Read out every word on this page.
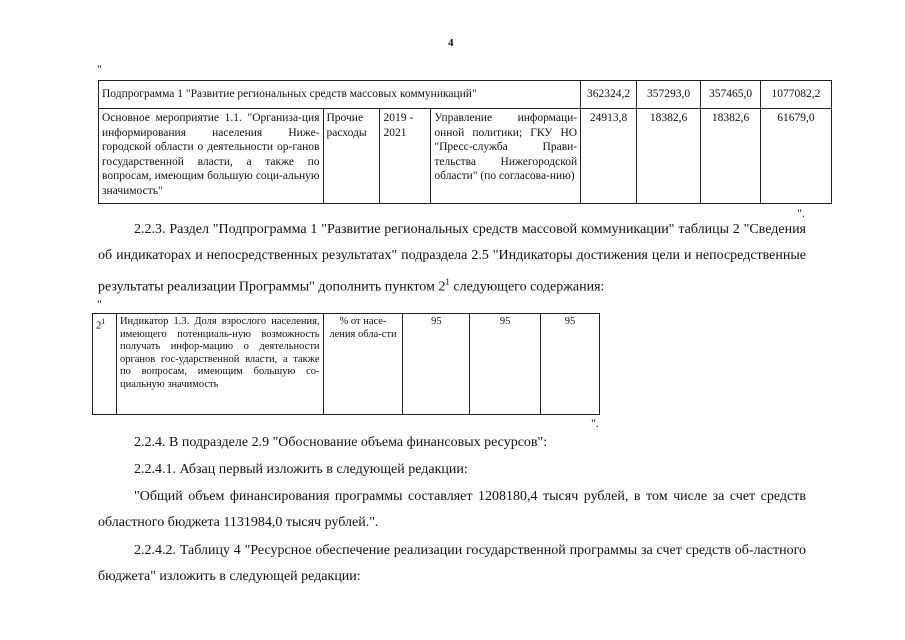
4
"
Подпрограмма 1 "Развитие региональных средств массовых коммуникаций"				362324,2	357293,0	357465,0	1077082,2
Основное мероприятие 1.1. "Организа-ция информирования населения Ниже-городской области о деятельности ор-ганов государственной власти, а также по вопросам, имеющим большую соци-альную значимость"	Прочие расходы	2019 - 2021	Управление информаци-онной политики; ГКУ НО "Пресс-служба Прави-тельства Нижегородской области" (по согласова-нию)	24913,8	18382,6	18382,6	61679,0
".

2.2.3. Раздел "Подпрограмма 1 "Развитие региональных средств массовой коммуникации" таблицы 2 "Сведения об индикаторах и непосредственных результатах" подраздела 2.5 "Индикаторы достижения цели и непосредственные результаты реализации Программы" дополнить пунктом $2^1$ следующего содержания:

"
$2^1$	Индикатор 1.3. Доля взрослого населения, имеющего потенциаль-ную возможность получать инфор-мацию о деятельности органов гос-ударственной власти, а также по вопросам, имеющим большую со-циальную значимость	% от насе-ления обла-сти	95	95	95
".

2.2.4. В подразделе 2.9 "Обоснование объема финансовых ресурсов":

2.2.4.1. Абзац первый изложить в следующей редакции:

"Общий объем финансирования программы составляет 1208180,4 тысяч рублей, в том числе за счет средств областного бюджета 1131984,0 тысяч рублей.".

2.2.4.2. Таблицу 4 "Ресурсное обеспечение реализации государственной программы за счет средств об-ластного бюджета" изложить в следующей редакции:
